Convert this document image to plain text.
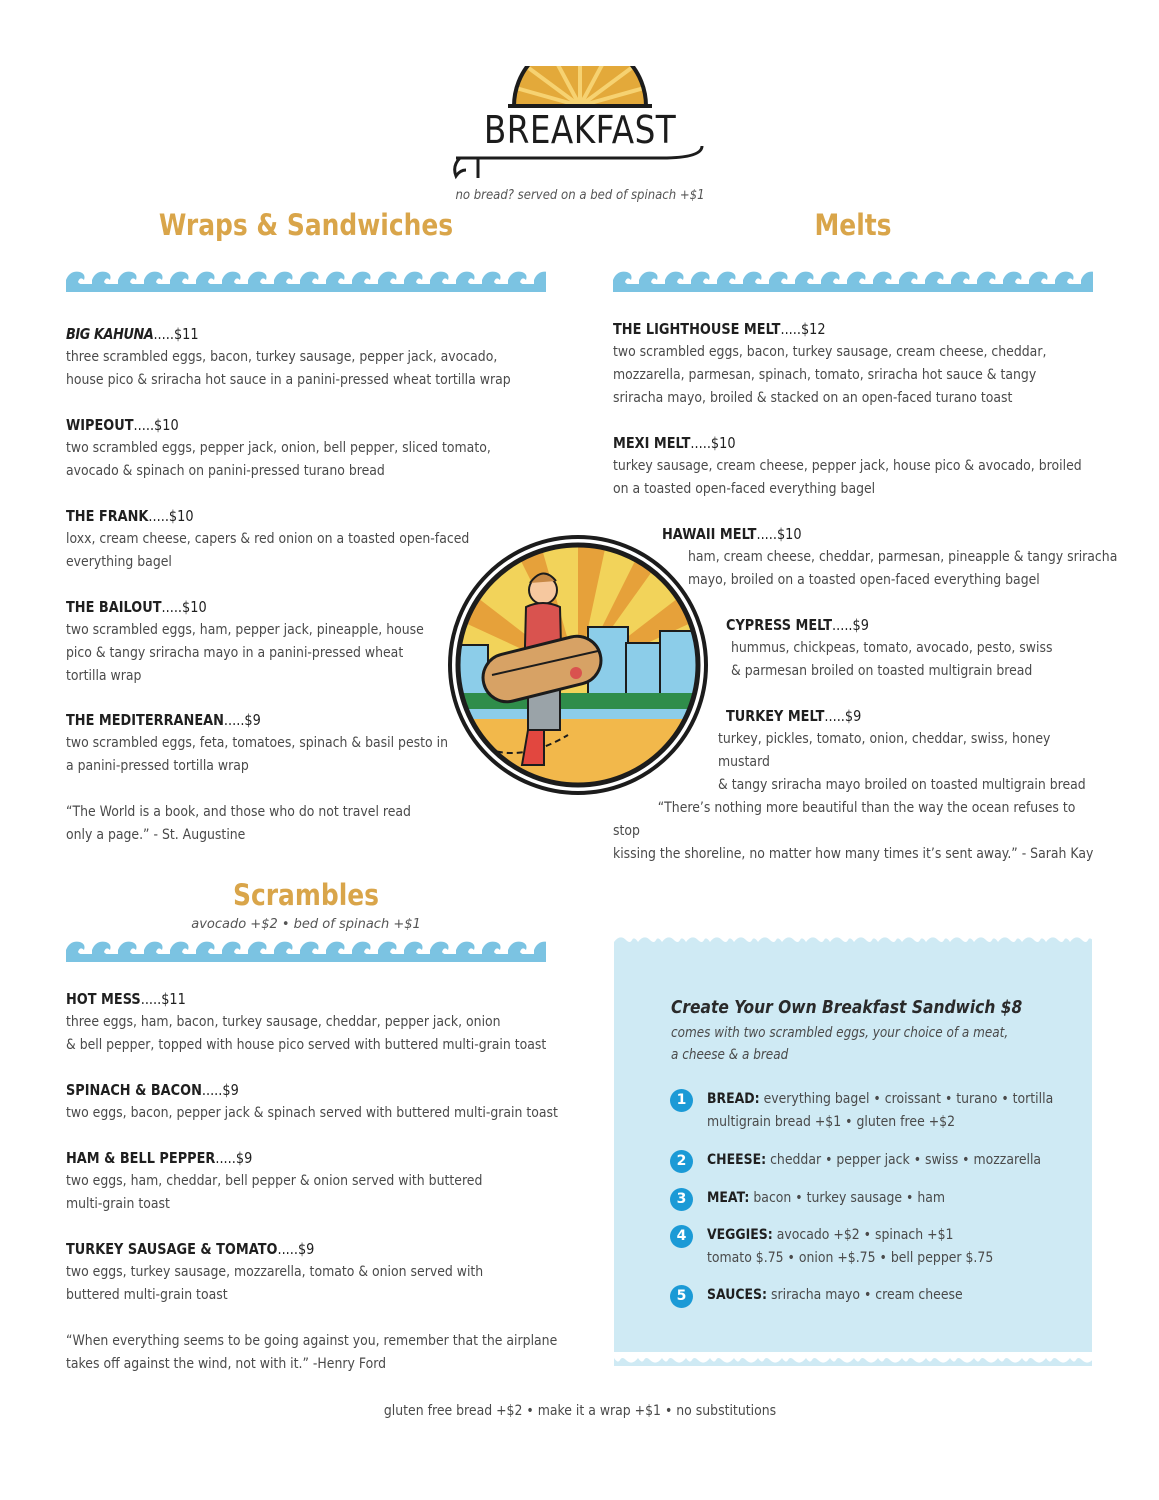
BREAKFAST
no bread? served on a bed of spinach +$1
Wraps & Sandwiches
BIG KAHUNA.....$11
three scrambled eggs, bacon, turkey sausage, pepper jack, avocado,
house pico & sriracha hot sauce in a panini-pressed wheat tortilla wrap
WIPEOUT.....$10
two scrambled eggs, pepper jack, onion, bell pepper, sliced tomato,
avocado & spinach on panini-pressed turano bread
THE FRANK.....$10
loxx, cream cheese, capers & red onion on a toasted open-faced
everything bagel
THE BAILOUT.....$10
two scrambled eggs, ham, pepper jack, pineapple, house
pico & tangy sriracha mayo in a panini-pressed wheat
tortilla wrap
THE MEDITERRANEAN.....$9
two scrambled eggs, feta, tomatoes, spinach & basil pesto in
a panini-pressed tortilla wrap
“The World is a book, and those who do not travel read
only a page.” - St. Augustine
Melts
THE LIGHTHOUSE MELT.....$12
two scrambled eggs, bacon, turkey sausage, cream cheese, cheddar,
mozzarella, parmesan, spinach, tomato, sriracha hot sauce & tangy
sriracha mayo, broiled & stacked on an open-faced turano toast
MEXI MELT.....$10
turkey sausage, cream cheese, pepper jack, house pico & avocado, broiled
on a toasted open-faced everything bagel
HAWAII MELT.....$10
ham, cream cheese, cheddar, parmesan, pineapple & tangy sriracha
mayo, broiled on a toasted open-faced everything bagel
CYPRESS MELT.....$9
hummus, chickpeas, tomato, avocado, pesto, swiss
& parmesan broiled on toasted multigrain bread
TURKEY MELT.....$9
turkey, pickles, tomato, onion, cheddar, swiss, honey mustard
& tangy sriracha mayo broiled on toasted multigrain bread
“There’s nothing more beautiful than the way the ocean refuses to stop
kissing the shoreline, no matter how many times it’s sent away.” - Sarah Kay
Scrambles
avocado +$2 • bed of spinach +$1
HOT MESS.....$11
three eggs, ham, bacon, turkey sausage, cheddar, pepper jack, onion
& bell pepper, topped with house pico served with buttered multi-grain toast
SPINACH & BACON.....$9
two eggs, bacon, pepper jack & spinach served with buttered multi-grain toast
HAM & BELL PEPPER.....$9
two eggs, ham, cheddar, bell pepper & onion served with buttered
multi-grain toast
TURKEY SAUSAGE & TOMATO.....$9
two eggs, turkey sausage, mozzarella, tomato & onion served with
buttered multi-grain toast
“When everything seems to be going against you, remember that the airplane
takes off against the wind, not with it.” -Henry Ford
Create Your Own Breakfast Sandwich $8
comes with two scrambled eggs, your choice of a meat,
a cheese & a bread
1	BREAD: everything bagel • croissant • turano • tortilla
multigrain bread +$1 • gluten free +$2
2	CHEESE: cheddar • pepper jack • swiss • mozzarella
3	MEAT: bacon • turkey sausage • ham
4	VEGGIES: avocado +$2 • spinach +$1
tomato $.75 • onion +$.75 • bell pepper $.75
5	SAUCES: sriracha mayo • cream cheese
gluten free bread +$2 • make it a wrap +$1 • no substitutions
